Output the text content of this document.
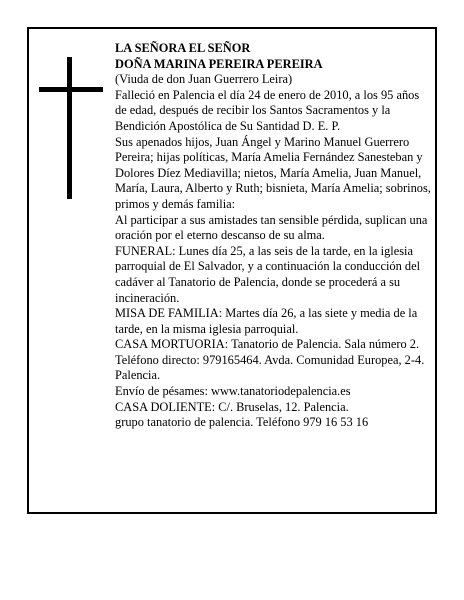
LA SEÑORA EL SEÑOR

DOÑA MARINA PEREIRA PEREIRA

(Viuda de don Juan Guerrero Leira)

Falleció en Palencia el día 24 de enero de 2010, a los 95 años de edad, después de recibir los Santos Sacramentos y la Bendición Apostólica de Su Santidad D. E. P.

Sus apenados hijos, Juan Ángel y Marino Manuel Guerrero Pereira; hijas políticas, María Amelia Fernández Sanesteban y Dolores Díez Mediavilla; nietos, María Amelia, Juan Manuel, María, Laura, Alberto y Ruth; bisnieta, María Amelia; sobrinos, primos y demás familia:

Al participar a sus amistades tan sensible pérdida, suplican una oración por el eterno descanso de su alma.

FUNERAL: Lunes día 25, a las seis de la tarde, en la iglesia parroquial de El Salvador, y a continuación la conducción del cadáver al Tanatorio de Palencia, donde se procederá a su incineración.

MISA DE FAMILIA: Martes día 26, a las siete y media de la tarde, en la misma iglesia parroquial.

CASA MORTUORIA: Tanatorio de Palencia. Sala número 2. Teléfono directo: 979165464. Avda. Comunidad Europea, 2-4. Palencia.

Envío de pésames: www.tanatoriodepalencia.es

CASA DOLIENTE: C/. Bruselas, 12. Palencia.

grupo tanatorio de palencia. Teléfono 979 16 53 16
